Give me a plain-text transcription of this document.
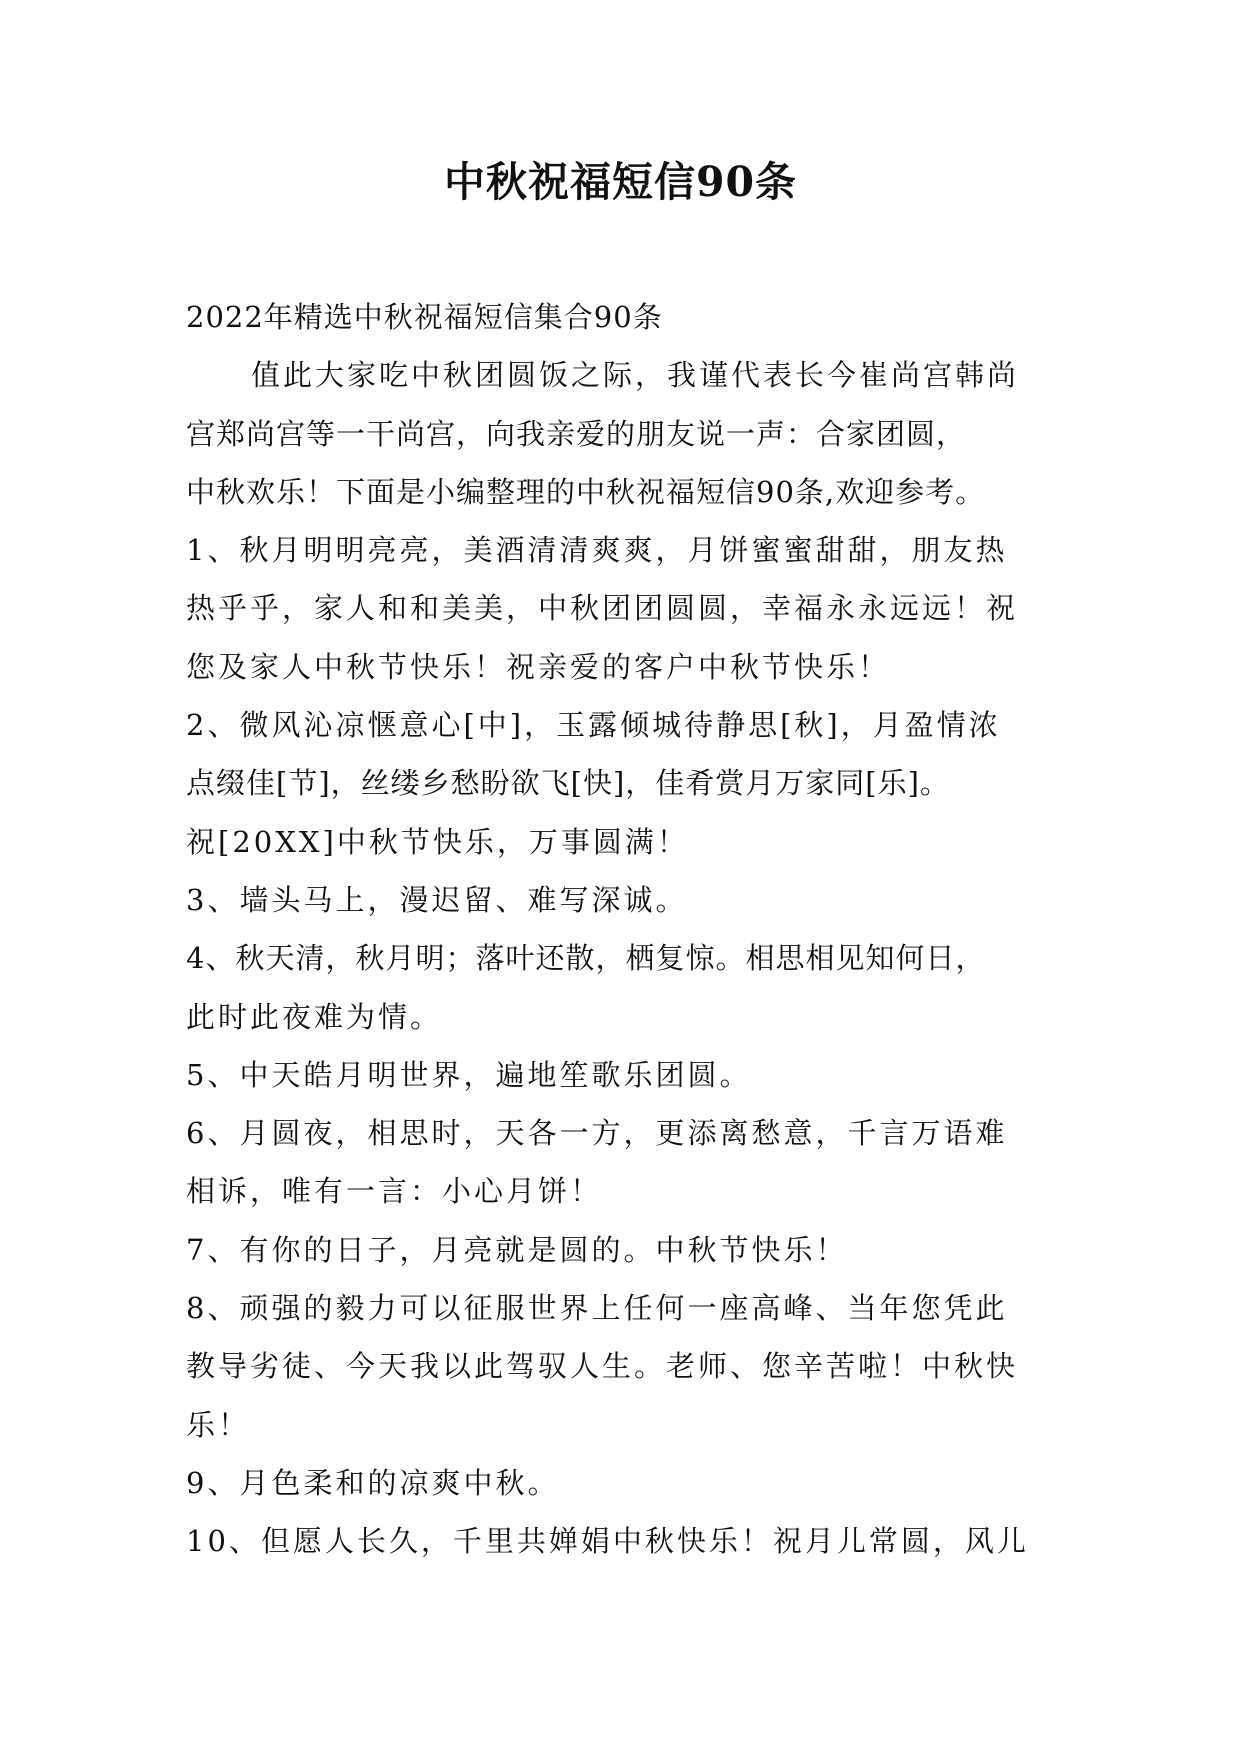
中秋祝福短信90条
2022年精选中秋祝福短信集合90条
值此大家吃中秋团圆饭之际，我谨代表长今崔尚宫韩尚
宫郑尚宫等一干尚宫，向我亲爱的朋友说一声：合家团圆，
中秋欢乐！下面是小编整理的中秋祝福短信90条,欢迎参考。
1、秋月明明亮亮，美酒清清爽爽，月饼蜜蜜甜甜，朋友热
热乎乎，家人和和美美，中秋团团圆圆，幸福永永远远！祝
您及家人中秋节快乐！祝亲爱的客户中秋节快乐！
2、微风沁凉惬意心[中]，玉露倾城待静思[秋]，月盈情浓
点缀佳[节]，丝缕乡愁盼欲飞[快]，佳肴赏月万家同[乐]。
祝[20XX]中秋节快乐，万事圆满！
3、墙头马上，漫迟留、难写深诚。
4、秋天清，秋月明；落叶还散，栖复惊。相思相见知何日，
此时此夜难为情。
5、中天皓月明世界，遍地笙歌乐团圆。
6、月圆夜，相思时，天各一方，更添离愁意，千言万语难
相诉，唯有一言：小心月饼！
7、有你的日子，月亮就是圆的。中秋节快乐！
8、顽强的毅力可以征服世界上任何一座高峰、当年您凭此
教导劣徒、今天我以此驾驭人生。老师、您辛苦啦！中秋快
乐！
9、月色柔和的凉爽中秋。
10、但愿人长久，千里共婵娟中秋快乐！祝月儿常圆，风儿
